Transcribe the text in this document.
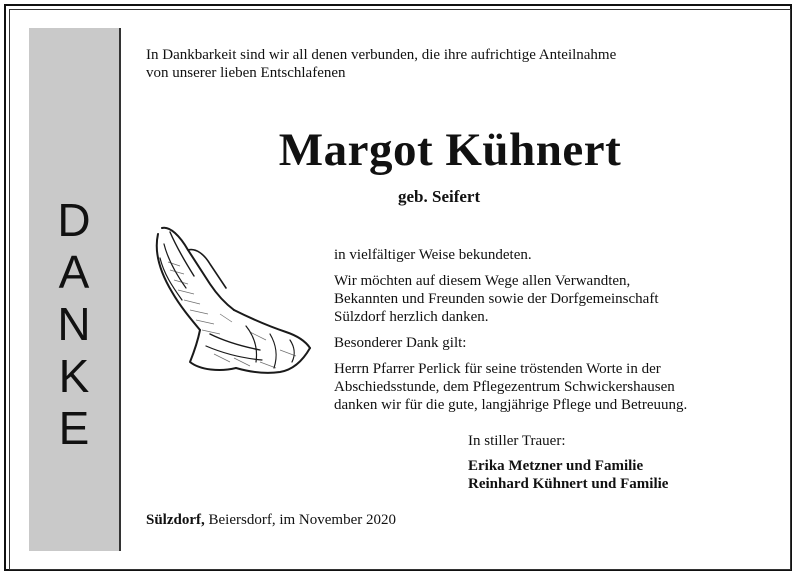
D
A
N
K
E
In Dankbarkeit sind wir all denen verbunden, die ihre aufrichtige Anteilnahme
von unserer lieben Entschlafenen
Margot Kühnert
geb. Seifert

in vielfältiger Weise bekundeten.

Wir möchten auf diesem Wege allen Verwandten,
Bekannten und Freunden sowie der Dorfgemeinschaft
Sülzdorf herzlich danken.

Besonderer Dank gilt:

Herrn Pfarrer Perlick für seine tröstenden Worte in der
Abschiedsstunde, dem Pflegezentrum Schwickershausen
danken wir für die gute, langjährige Pflege und Betreuung.

In stiller Trauer:
Erika Metzner und Familie
Reinhard Kühnert und Familie
Sülzdorf, Beiersdorf, im November 2020
